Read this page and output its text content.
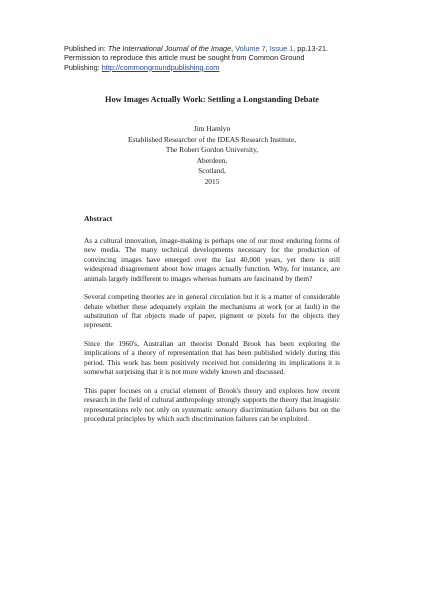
Published in: The International Journal of the Image, Volume 7, Issue 1, pp.13-21.
Permission to reproduce this article must be sought from Common Ground
Publishing: http://commongroundpublishing.com
How Images Actually Work: Settling a Longstanding Debate
Jim Hamlyn
Established Researcher of the IDEAS Research Institute,
The Robert Gordon University,
Aberdeen,
Scotland,
2015
Abstract

As a cultural innovation, image-making is perhaps one of our most enduring forms of new media. The many technical developments necessary for the production of convincing images have emerged over the last 40,000 years, yet there is still widespread disagreement about how images actually function. Why, for instance, are animals largely indifferent to images whereas humans are fascinated by them?

Several competing theories are in general circulation but it is a matter of considerable debate whether these adequately explain the mechanisms at work (or at fault) in the substitution of flat objects made of paper, pigment or pixels for the objects they represent.

Since the 1960's, Australian art theorist Donald Brook has been exploring the implications of a theory of representation that has been published widely during this period. This work has been positively received but considering its implications it is somewhat surprising that it is not more widely known and discussed.

This paper focuses on a crucial element of Brook's theory and explores how recent research in the field of cultural anthropology strongly supports the theory that imagistic representations rely not only on systematic sensory discrimination failures but on the procedural principles by which such discrimination failures can be exploited.
